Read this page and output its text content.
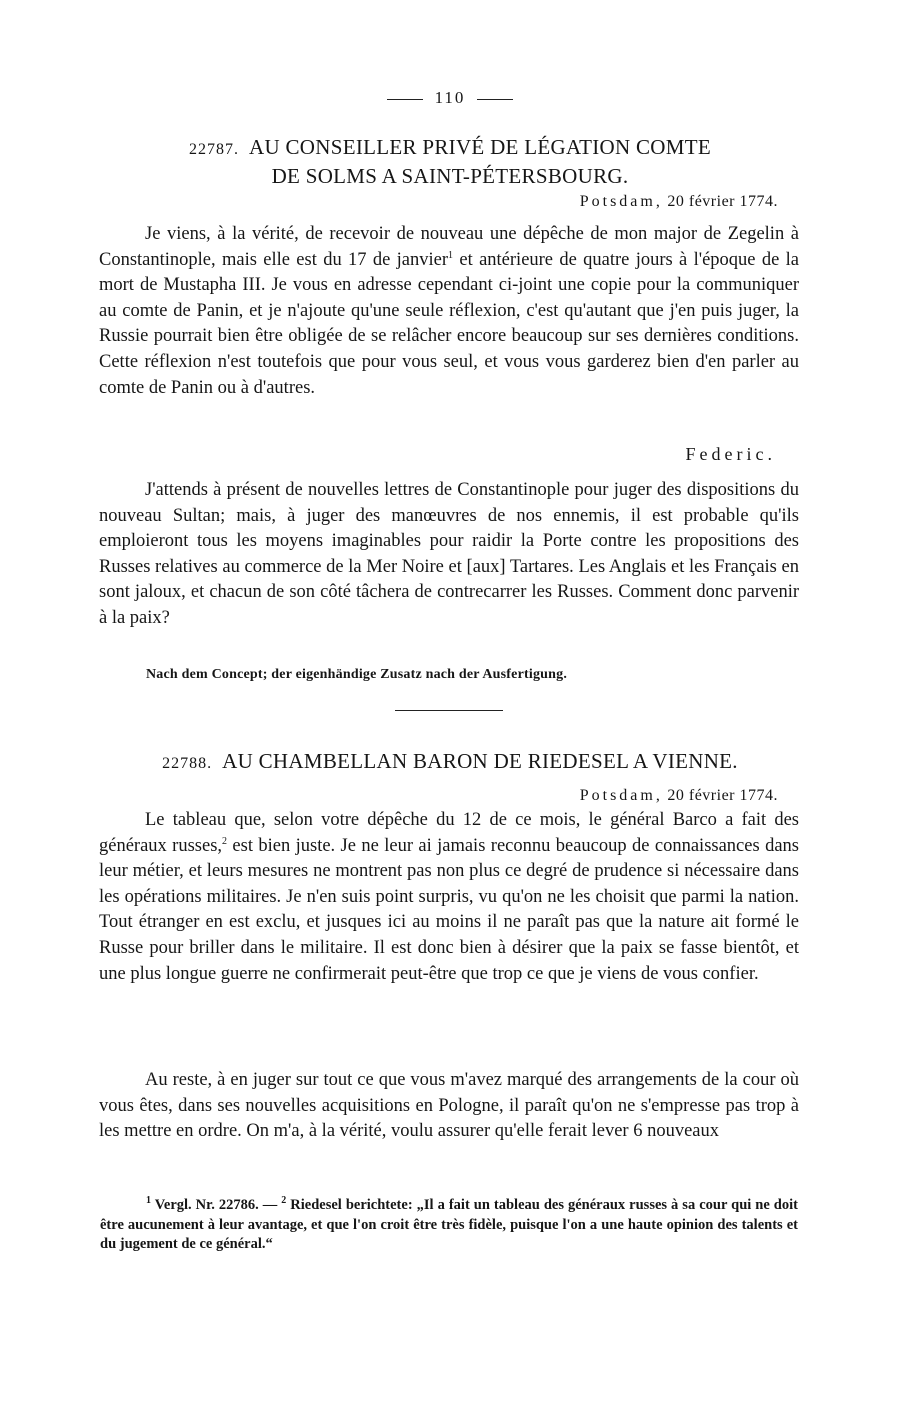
110
22787. AU CONSEILLER PRIVÉ DE LÉGATION COMTE
DE SOLMS A SAINT-PÉTERSBOURG.
Potsdam, 20 février 1774.

Je viens, à la vérité, de recevoir de nouveau une dépêche de mon major de Zegelin à Constantinople, mais elle est du 17 de janvier$^1$ et antérieure de quatre jours à l'époque de la mort de Mustapha III. Je vous en adresse cependant ci-joint une copie pour la communiquer au comte de Panin, et je n'ajoute qu'une seule réflexion, c'est qu'autant que j'en puis juger, la Russie pourrait bien être obligée de se relâcher encore beaucoup sur ses dernières conditions. Cette réflexion n'est toutefois que pour vous seul, et vous vous garderez bien d'en parler au comte de Panin ou à d'autres.

Federic.

J'attends à présent de nouvelles lettres de Constantinople pour juger des dispositions du nouveau Sultan; mais, à juger des manœuvres de nos ennemis, il est probable qu'ils emploieront tous les moyens imaginables pour raidir la Porte contre les propositions des Russes relatives au commerce de la Mer Noire et [aux] Tartares. Les Anglais et les Français en sont jaloux, et chacun de son côté tâchera de contrecarrer les Russes. Comment donc parvenir à la paix?

Nach dem Concept; der eigenhändige Zusatz nach der Ausfertigung.
22788. AU CHAMBELLAN BARON DE RIEDESEL A VIENNE.
Potsdam, 20 février 1774.

Le tableau que, selon votre dépêche du 12 de ce mois, le général Barco a fait des généraux russes,$^2$ est bien juste. Je ne leur ai jamais reconnu beaucoup de connaissances dans leur métier, et leurs mesures ne montrent pas non plus ce degré de prudence si nécessaire dans les opérations militaires. Je n'en suis point surpris, vu qu'on ne les choisit que parmi la nation. Tout étranger en est exclu, et jusques ici au moins il ne paraît pas que la nature ait formé le Russe pour briller dans le militaire. Il est donc bien à désirer que la paix se fasse bientôt, et une plus longue guerre ne confirmerait peut-être que trop ce que je viens de vous confier.

Au reste, à en juger sur tout ce que vous m'avez marqué des arrangements de la cour où vous êtes, dans ses nouvelles acquisitions en Pologne, il paraît qu'on ne s'empresse pas trop à les mettre en ordre. On m'a, à la vérité, voulu assurer qu'elle ferait lever 6 nouveaux

$^1$ Vergl. Nr. 22786. — $^2$ Riedesel berichtete: „Il a fait un tableau des généraux russes à sa cour qui ne doit être aucunement à leur avantage, et que l'on croit être très fidèle, puisque l'on a une haute opinion des talents et du jugement de ce général.“
